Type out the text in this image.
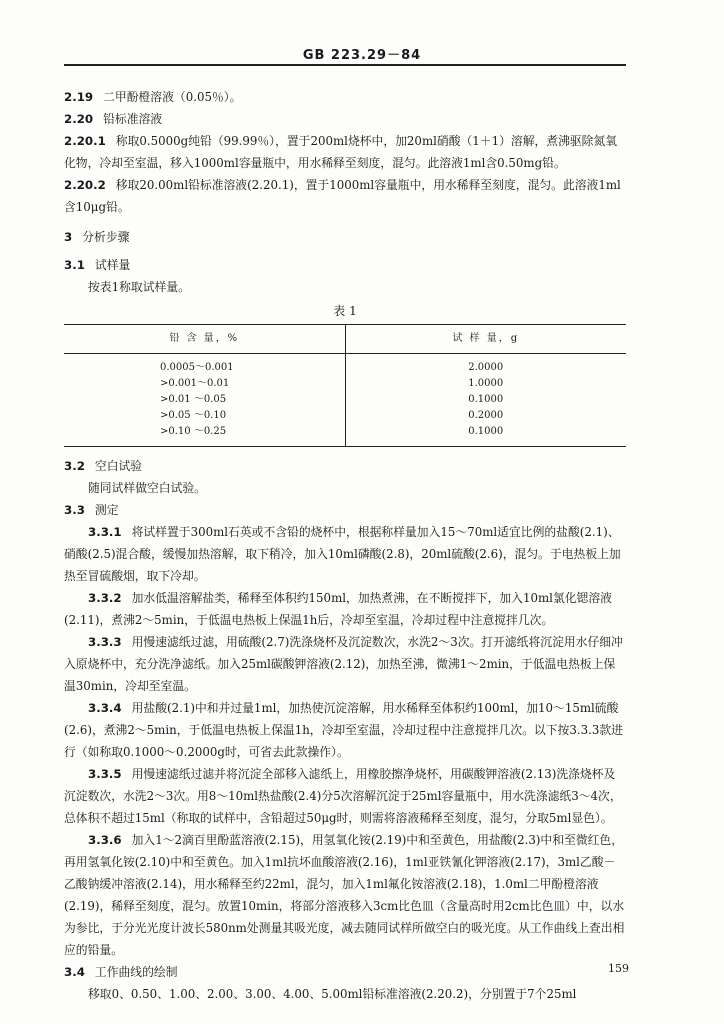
GB 223.29－84

2.19 二甲酚橙溶液（0.05％）。

2.20 铅标准溶液

2.20.1 称取0.5000g纯铅（99.99％），置于200ml烧杯中，加20ml硝酸（1＋1）溶解，煮沸驱除氮氧化物，冷却至室温，移入1000ml容量瓶中，用水稀释至刻度，混匀。此溶液1ml含0.50mg铅。

2.20.2 移取20.00ml铅标准溶液(2.20.1)，置于1000ml容量瓶中，用水稀释至刻度，混匀。此溶液1ml含10μg铅。

3 分析步骤

3.1 试样量

按表1称取试样量。

表 1
铅 含 量，%	试 样 量，g
0.0005～0.001	2.0000
>0.001～0.01	1.0000
>0.01 ～0.05	0.1000
>0.05 ～0.10	0.2000
>0.10 ～0.25	0.1000

3.2 空白试验

随同试样做空白试验。

3.3 测定

3.3.1 将试样置于300ml石英或不含铅的烧杯中，根据称样量加入15～70ml适宜比例的盐酸(2.1)、硝酸(2.5)混合酸，缓慢加热溶解，取下稍冷，加入10ml磷酸(2.8)，20ml硫酸(2.6)，混匀。于电热板上加热至冒硫酸烟，取下冷却。

3.3.2 加水低温溶解盐类，稀释至体积约150ml，加热煮沸，在不断搅拌下，加入10ml氯化锶溶液(2.11)，煮沸2～5min，于低温电热板上保温1h后，冷却至室温，冷却过程中注意搅拌几次。

3.3.3 用慢速滤纸过滤，用硫酸(2.7)洗涤烧杯及沉淀数次，水洗2～3次。打开滤纸将沉淀用水仔细冲入原烧杯中，充分洗净滤纸。加入25ml碳酸钾溶液(2.12)，加热至沸，微沸1～2min，于低温电热板上保温30min，冷却至室温。

3.3.4 用盐酸(2.1)中和并过量1ml，加热使沉淀溶解，用水稀释至体积约100ml，加10～15ml硫酸(2.6)，煮沸2～5min，于低温电热板上保温1h，冷却至室温，冷却过程中注意搅拌几次。以下按3.3.3款进行（如称取0.1000～0.2000g时，可省去此款操作）。

3.3.5 用慢速滤纸过滤并将沉淀全部移入滤纸上，用橡胶擦净烧杯，用碳酸钾溶液(2.13)洗涤烧杯及沉淀数次，水洗2～3次。用8～10ml热盐酸(2.4)分5次溶解沉淀于25ml容量瓶中，用水洗涤滤纸3～4次，总体积不超过15ml（称取的试样中，含铅超过50μg时，则需将溶液稀释至刻度，混匀，分取5ml显色）。

3.3.6 加入1～2滴百里酚蓝溶液(2.15)，用氢氧化铵(2.19)中和至黄色，用盐酸(2.3)中和至微红色，再用氢氧化铵(2.10)中和至黄色。加入1ml抗坏血酸溶液(2.16)，1ml亚铁氰化钾溶液(2.17)，3ml乙酸－乙酸钠缓冲溶液(2.14)，用水稀释至约22ml，混匀，加入1ml氟化铵溶液(2.18)，1.0ml二甲酚橙溶液(2.19)，稀释至刻度，混匀。放置10min，将部分溶液移入3cm比色皿（含量高时用2cm比色皿）中，以水为参比，于分光光度计波长580nm处测量其吸光度，减去随同试样所做空白的吸光度。从工作曲线上查出相应的铅量。

3.4 工作曲线的绘制

移取0、0.50、1.00、2.00、3.00、4.00、5.00ml铅标准溶液(2.20.2)，分别置于7个25ml

159
